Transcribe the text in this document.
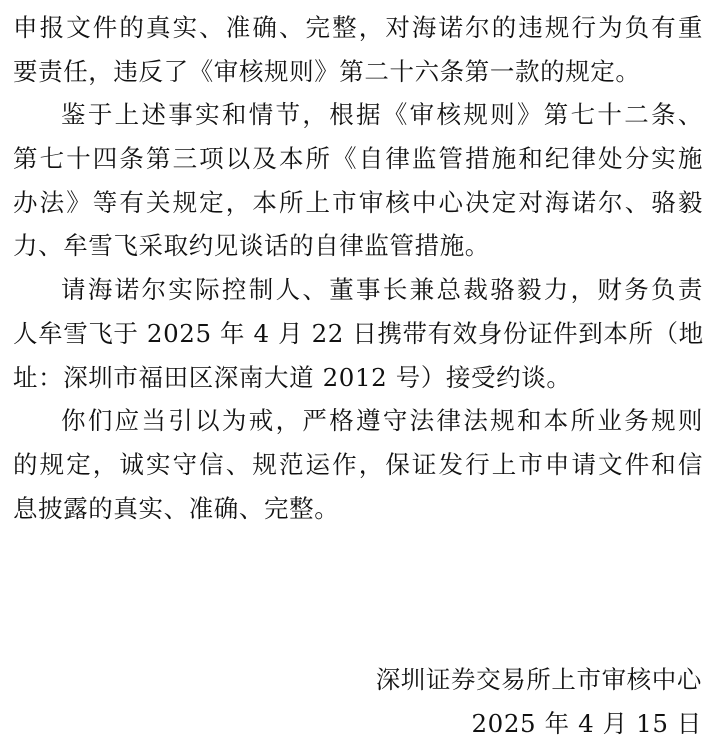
申报文件的真实、准确、完整，对海诺尔的违规行为负有重
要责任，违反了《审核规则》第二十六条第一款的规定。
鉴于上述事实和情节，根据《审核规则》第七十二条、
第七十四条第三项以及本所《自律监管措施和纪律处分实施
办法》等有关规定，本所上市审核中心决定对海诺尔、骆毅
力、牟雪飞采取约见谈话的自律监管措施。
请海诺尔实际控制人、董事长兼总裁骆毅力，财务负责
人牟雪飞于 2025 年 4 月 22 日携带有效身份证件到本所（地
址：深圳市福田区深南大道 2012 号）接受约谈。
你们应当引以为戒，严格遵守法律法规和本所业务规则
的规定，诚实守信、规范运作，保证发行上市申请文件和信
息披露的真实、准确、完整。
深圳证券交易所上市审核中心
2025 年 4 月 15 日
